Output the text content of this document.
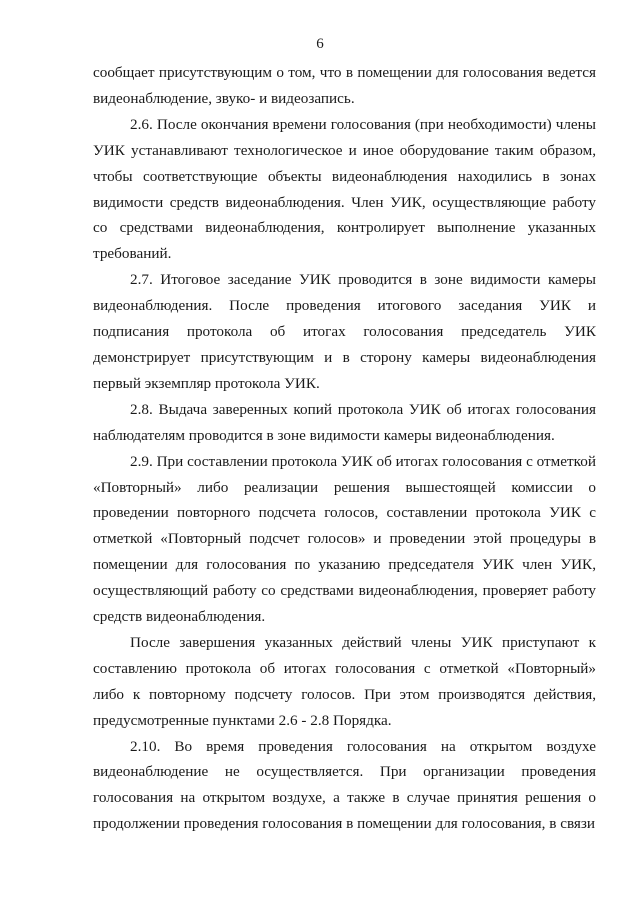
6

сообщает присутствующим о том, что в помещении для голосования ведется видеонаблюдение, звуко- и видеозапись.

2.6. После окончания времени голосования (при необходимости) члены УИК устанавливают технологическое и иное оборудование таким образом, чтобы соответствующие объекты видеонаблюдения находились в зонах видимости средств видеонаблюдения. Член УИК, осуществляющие работу со средствами видеонаблюдения, контролирует выполнение указанных требований.

2.7. Итоговое заседание УИК проводится в зоне видимости камеры видеонаблюдения. После проведения итогового заседания УИК и подписания протокола об итогах голосования председатель УИК демонстрирует присутствующим и в сторону камеры видеонаблюдения первый экземпляр протокола УИК.

2.8. Выдача заверенных копий протокола УИК об итогах голосования наблюдателям проводится в зоне видимости камеры видеонаблюдения.

2.9. При составлении протокола УИК об итогах голосования с отметкой «Повторный» либо реализации решения вышестоящей комиссии о проведении повторного подсчета голосов, составлении протокола УИК с отметкой «Повторный подсчет голосов» и проведении этой процедуры в помещении для голосования по указанию председателя УИК член УИК, осуществляющий работу со средствами видеонаблюдения, проверяет работу средств видеонаблюдения.

После завершения указанных действий члены УИК приступают к составлению протокола об итогах голосования с отметкой «Повторный» либо к повторному подсчету голосов. При этом производятся действия, предусмотренные пунктами 2.6 - 2.8 Порядка.

2.10. Во время проведения голосования на открытом воздухе видеонаблюдение не осуществляется. При организации проведения голосования на открытом воздухе, а также в случае принятия решения о продолжении проведения голосования в помещении для голосования, в связи
